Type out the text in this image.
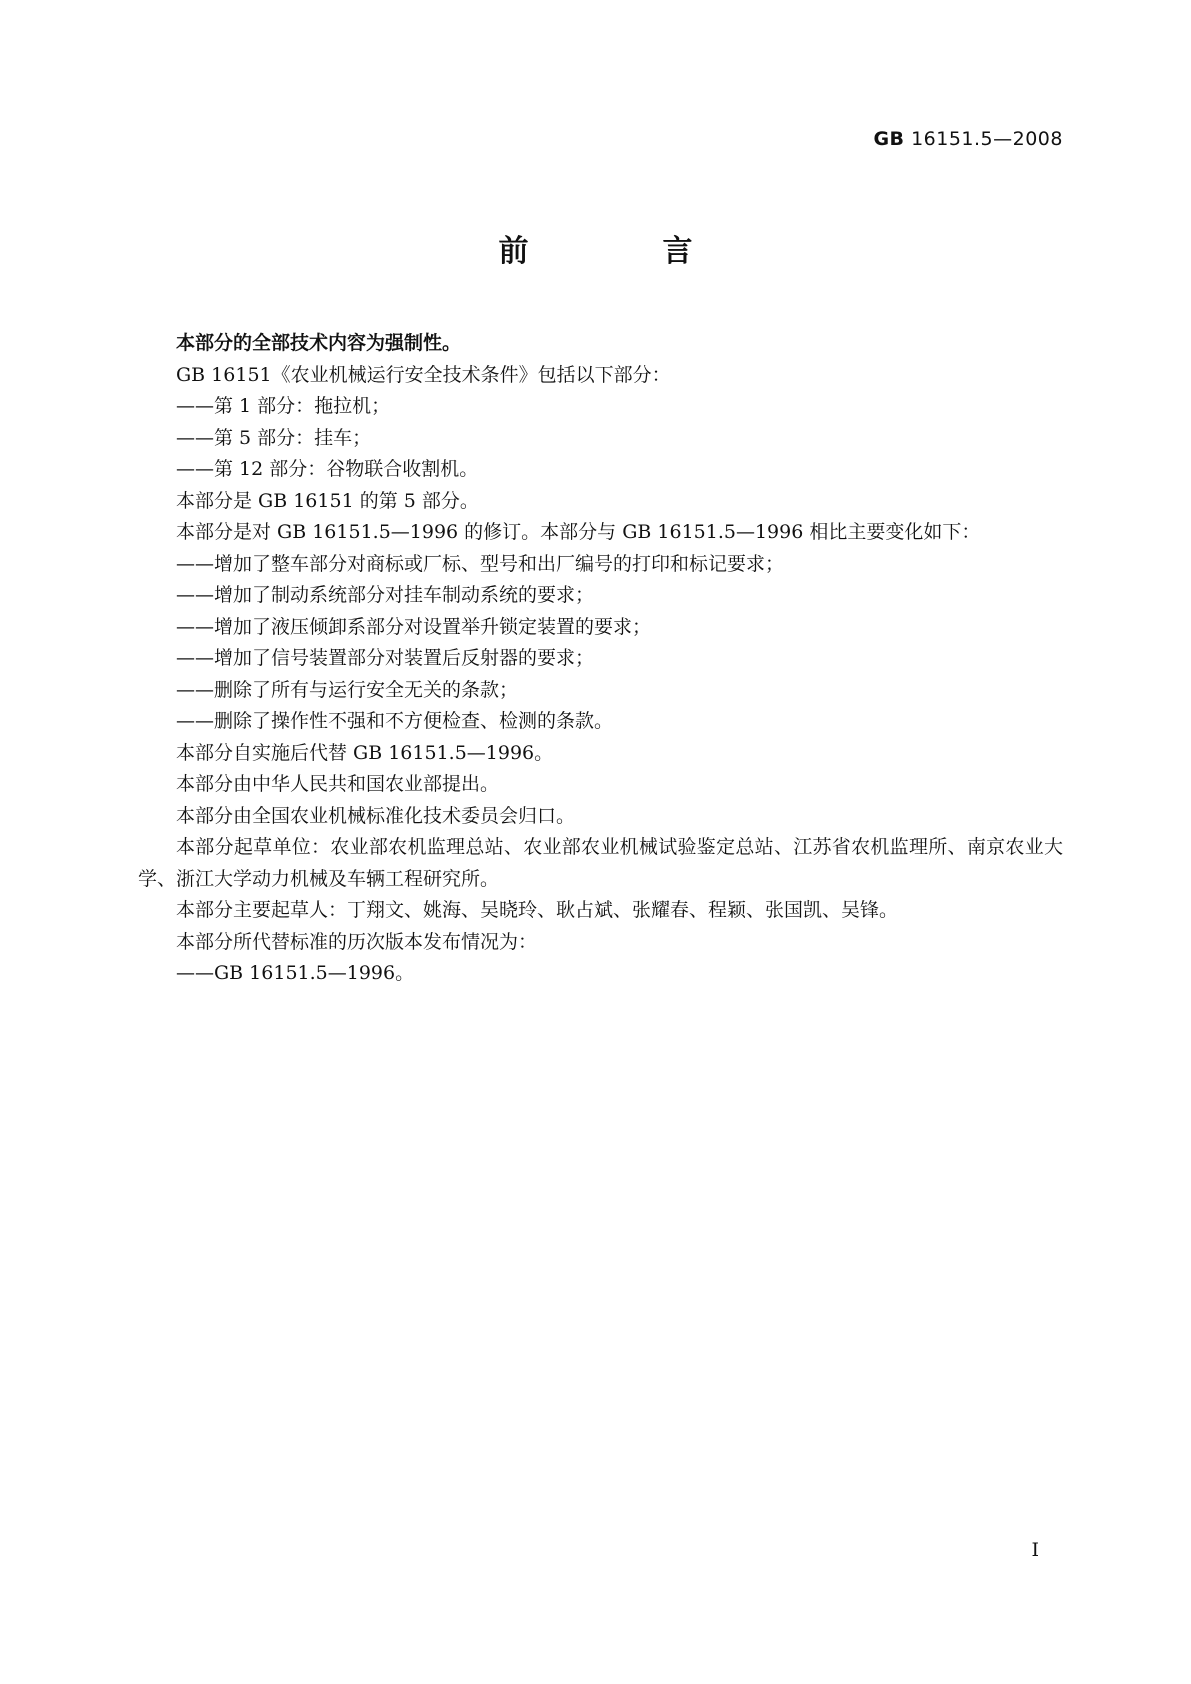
GB 16151.5—2008
前　言

本部分的全部技术内容为强制性。

GB 16151《农业机械运行安全技术条件》包括以下部分：

——第 1 部分：拖拉机；

——第 5 部分：挂车；

——第 12 部分：谷物联合收割机。

本部分是 GB 16151 的第 5 部分。

本部分是对 GB 16151.5—1996 的修订。本部分与 GB 16151.5—1996 相比主要变化如下：

——增加了整车部分对商标或厂标、型号和出厂编号的打印和标记要求；

——增加了制动系统部分对挂车制动系统的要求；

——增加了液压倾卸系部分对设置举升锁定装置的要求；

——增加了信号装置部分对装置后反射器的要求；

——删除了所有与运行安全无关的条款；

——删除了操作性不强和不方便检查、检测的条款。

本部分自实施后代替 GB 16151.5—1996。

本部分由中华人民共和国农业部提出。

本部分由全国农业机械标准化技术委员会归口。

本部分起草单位：农业部农机监理总站、农业部农业机械试验鉴定总站、江苏省农机监理所、南京农业大学、浙江大学动力机械及车辆工程研究所。

本部分主要起草人：丁翔文、姚海、吴晓玲、耿占斌、张耀春、程颖、张国凯、吴锋。

本部分所代替标准的历次版本发布情况为：

——GB 16151.5—1996。

I
